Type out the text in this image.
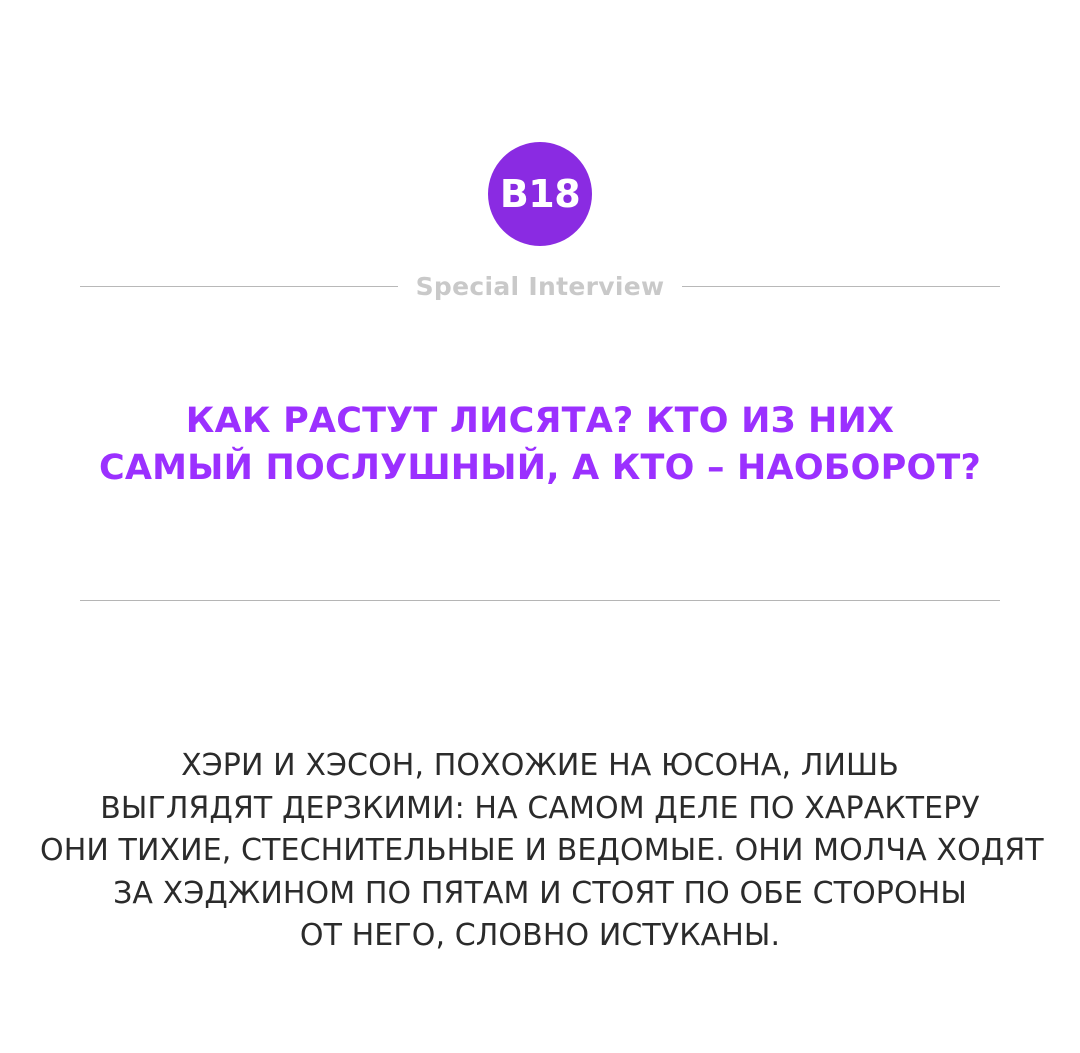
B18
Special Interview
КАК РАСТУТ ЛИСЯТА? КТО ИЗ НИХ
САМЫЙ ПОСЛУШНЫЙ, А КТО – НАОБОРОТ?
ХЭРИ И ХЭСОН, ПОХОЖИЕ НА ЮСОНА, ЛИШЬ
ВЫГЛЯДЯТ ДЕРЗКИМИ: НА САМОМ ДЕЛЕ ПО ХАРАКТЕРУ
ОНИ ТИХИЕ, СТЕСНИТЕЛЬНЫЕ И ВЕДОМЫЕ. ОНИ МОЛЧА ХОДЯТ
ЗА ХЭДЖИНОМ ПО ПЯТАМ И СТОЯТ ПО ОБЕ СТОРОНЫ
ОТ НЕГО, СЛОВНО ИСТУКАНЫ.
